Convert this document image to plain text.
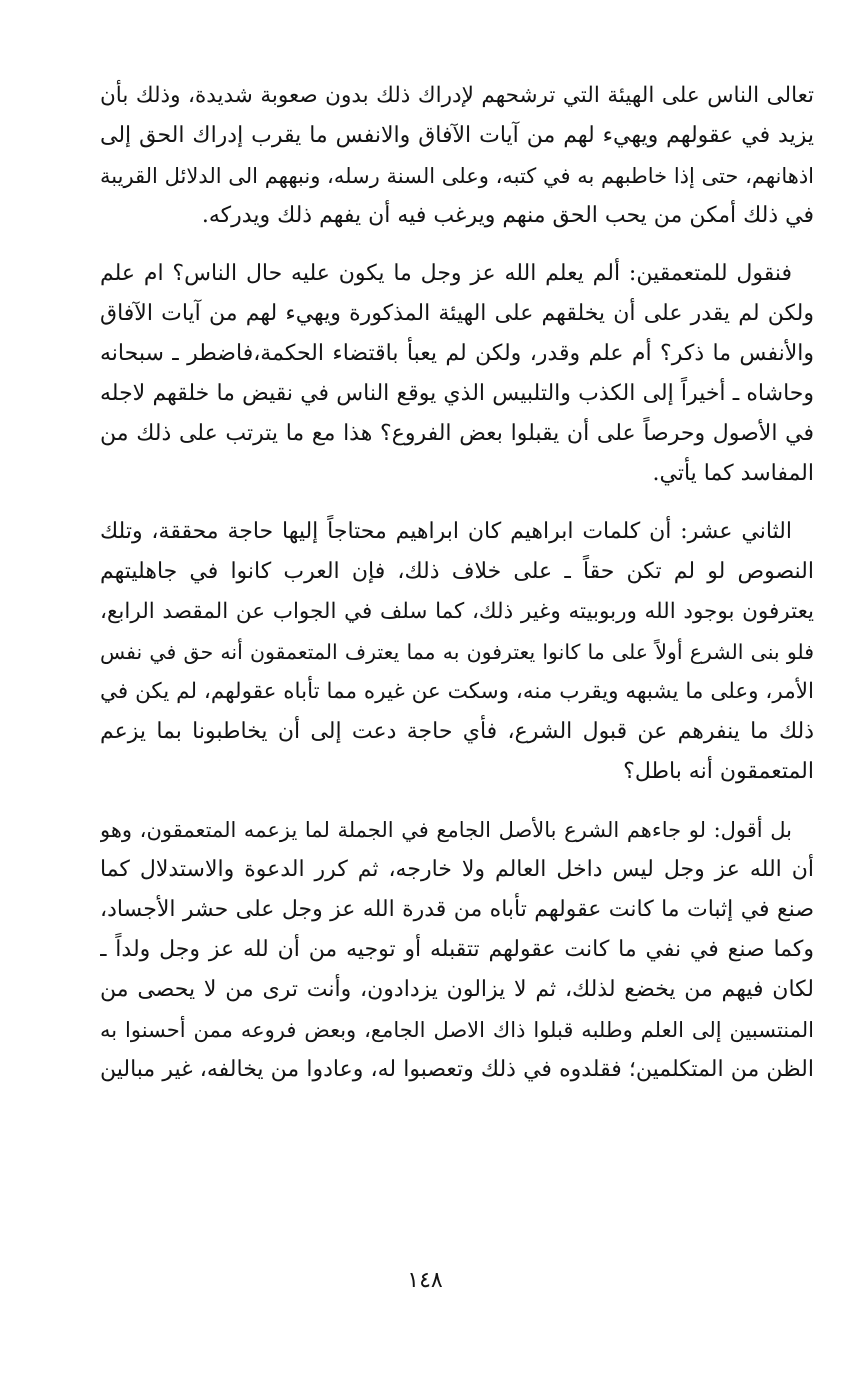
تعالى الناس على الهيئة التي ترشحهم لإدراك ذلك بدون صعوبة شديدة، وذلك بأن
يزيد في عقولهم ويهيء لهم من آيات الآفاق والانفس ما يقرب إدراك الحق إلى
اذهانهم، حتى إذا خاطبهم به في كتبه، وعلى السنة رسله، ونبههم الى الدلائل القريبة
في ذلك أمكن من يحب الحق منهم ويرغب فيه أن يفهم ذلك ويدركه.
فنقول للمتعمقين: ألم يعلم الله عز وجل ما يكون عليه حال الناس؟ ام علم
ولكن لم يقدر على أن يخلقهم على الهيئة المذكورة ويهيء لهم من آيات الآفاق
والأنفس ما ذكر؟ أم علم وقدر، ولكن لم يعبأ باقتضاء الحكمة،فاضطر ـ سبحانه
وحاشاه ـ أخيراً إلى الكذب والتلبيس الذي يوقع الناس في نقيض ما خلقهم لاجله
في الأصول وحرصاً على أن يقبلوا بعض الفروع؟ هذا مع ما يترتب على ذلك من
المفاسد كما يأتي.
الثاني عشر: أن كلمات ابراهيم كان ابراهيم محتاجاً إليها حاجة محققة، وتلك
النصوص لو لم تكن حقاً ـ على خلاف ذلك، فإن العرب كانوا في جاهليتهم
يعترفون بوجود الله وربوبيته وغير ذلك، كما سلف في الجواب عن المقصد الرابع،
فلو بنى الشرع أولاً على ما كانوا يعترفون به مما يعترف المتعمقون أنه حق في نفس
الأمر، وعلى ما يشبهه ويقرب منه، وسكت عن غيره مما تأباه عقولهم، لم يكن في
ذلك ما ينفرهم عن قبول الشرع، فأي حاجة دعت إلى أن يخاطبونا بما يزعم
المتعمقون أنه باطل؟
بل أقول: لو جاءهم الشرع بالأصل الجامع في الجملة لما يزعمه المتعمقون، وهو
أن الله عز وجل ليس داخل العالم ولا خارجه، ثم كرر الدعوة والاستدلال كما
صنع في إثبات ما كانت عقولهم تأباه من قدرة الله عز وجل على حشر الأجساد،
وكما صنع في نفي ما كانت عقولهم تتقبله أو توجيه من أن لله عز وجل ولداً ـ
لكان فيهم من يخضع لذلك، ثم لا يزالون يزدادون، وأنت ترى من لا يحصى من
المنتسبين إلى العلم وطلبه قبلوا ذاك الاصل الجامع، وبعض فروعه ممن أحسنوا به
الظن من المتكلمين؛ فقلدوه في ذلك وتعصبوا له، وعادوا من يخالفه، غير مبالين
١٤٨
